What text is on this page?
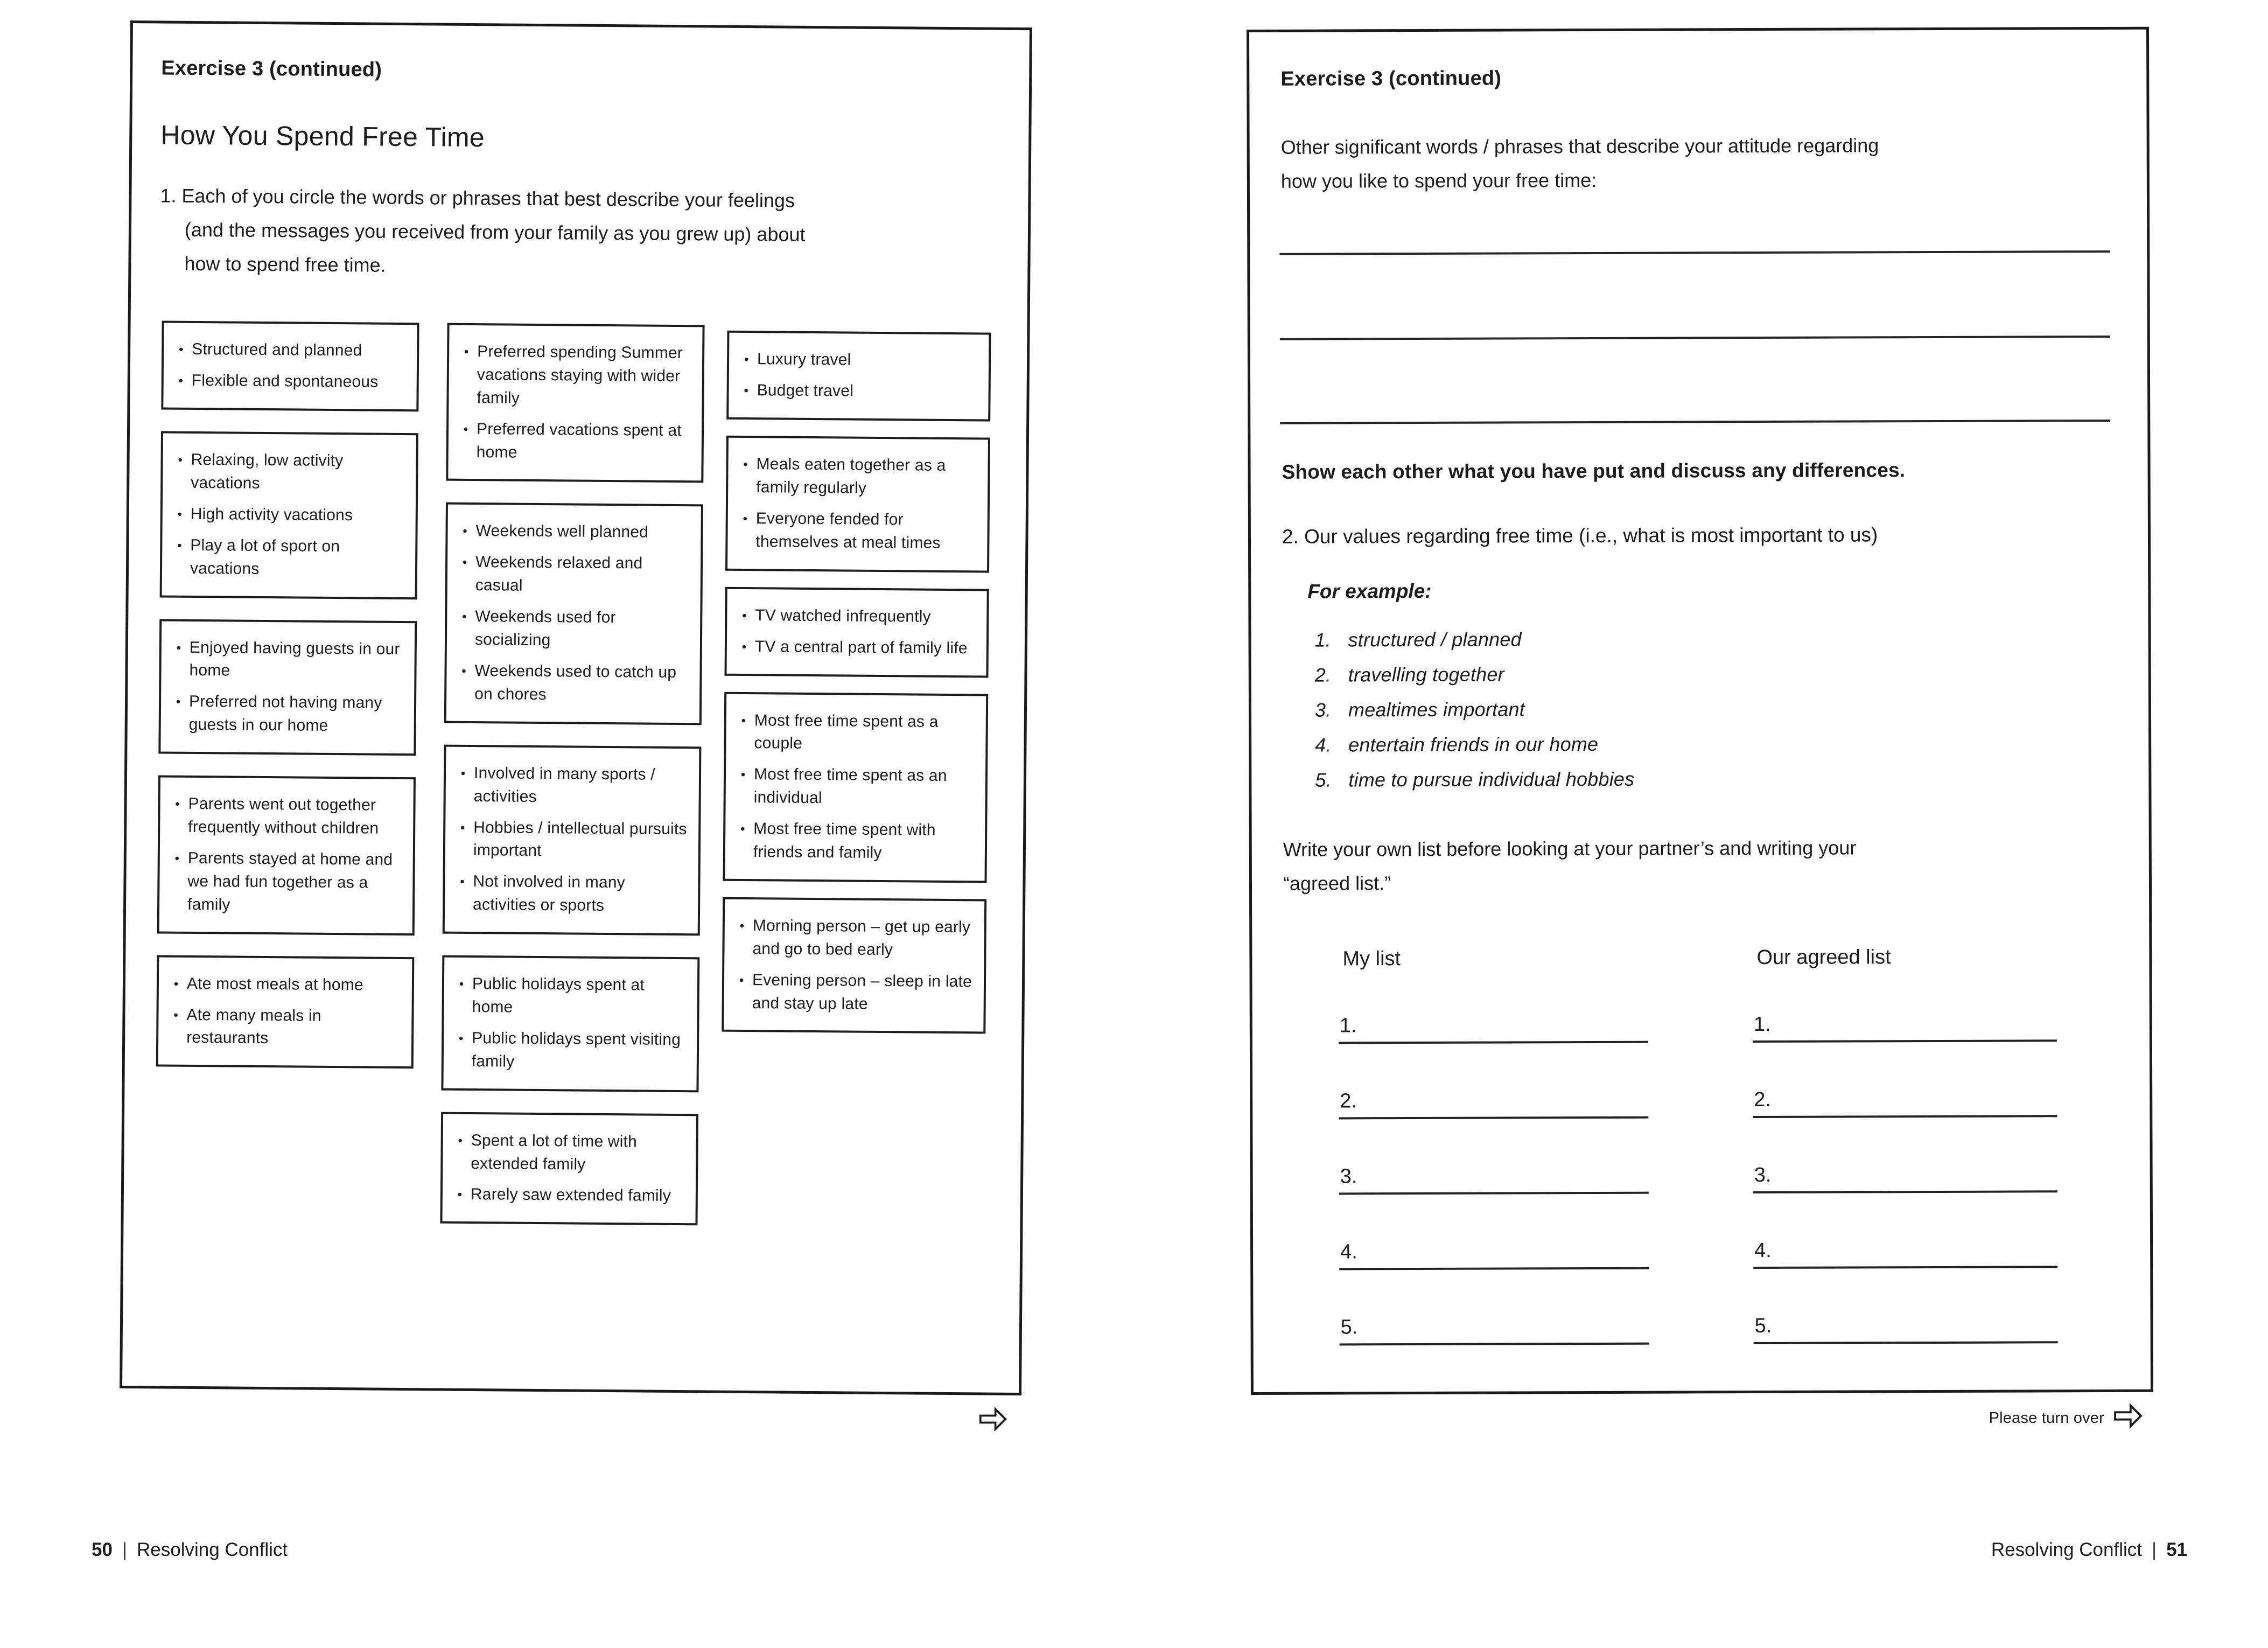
Exercise 3 (continued)
How You Spend Free Time
1. Each of you circle the words or phrases that best describe your feelings
(and the messages you received from your family as you grew up) about
how to spend free time.
• Structured and planned
• Flexible and spontaneous
• Relaxing, low activity vacations
• High activity vacations
• Play a lot of sport on vacations
• Enjoyed having guests in our home
• Preferred not having many guests in our home
• Parents went out together frequently without children
• Parents stayed at home and we had fun together as a family
• Ate most meals at home
• Ate many meals in restaurants
• Preferred spending Summer vacations staying with wider family
• Preferred vacations spent at home
• Weekends well planned
• Weekends relaxed and casual
• Weekends used for socializing
• Weekends used to catch up on chores
• Involved in many sports / activities
• Hobbies / intellectual pursuits important
• Not involved in many activities or sports
• Public holidays spent at home
• Public holidays spent visiting family
• Spent a lot of time with extended family
• Rarely saw extended family
• Luxury travel
• Budget travel
• Meals eaten together as a family regularly
• Everyone fended for themselves at meal times
• TV watched infrequently
• TV a central part of family life
• Most free time spent as a couple
• Most free time spent as an individual
• Most free time spent with friends and family
• Morning person – get up early and go to bed early
• Evening person – sleep in late and stay up late
Exercise 3 (continued)
Other significant words / phrases that describe your attitude regarding
how you like to spend your free time:
Show each other what you have put and discuss any differences.
2. Our values regarding free time (i.e., what is most important to us)
For example:
1. structured / planned
2. travelling together
3. mealtimes important
4. entertain friends in our home
5. time to pursue individual hobbies
Write your own list before looking at your partner’s and writing your
“agreed list.”
My list
1.
2.
3.
4.
5.
Our agreed list
1.
2.
3.
4.
5.
Please turn over
50 | Resolving Conflict	Resolving Conflict | 51
